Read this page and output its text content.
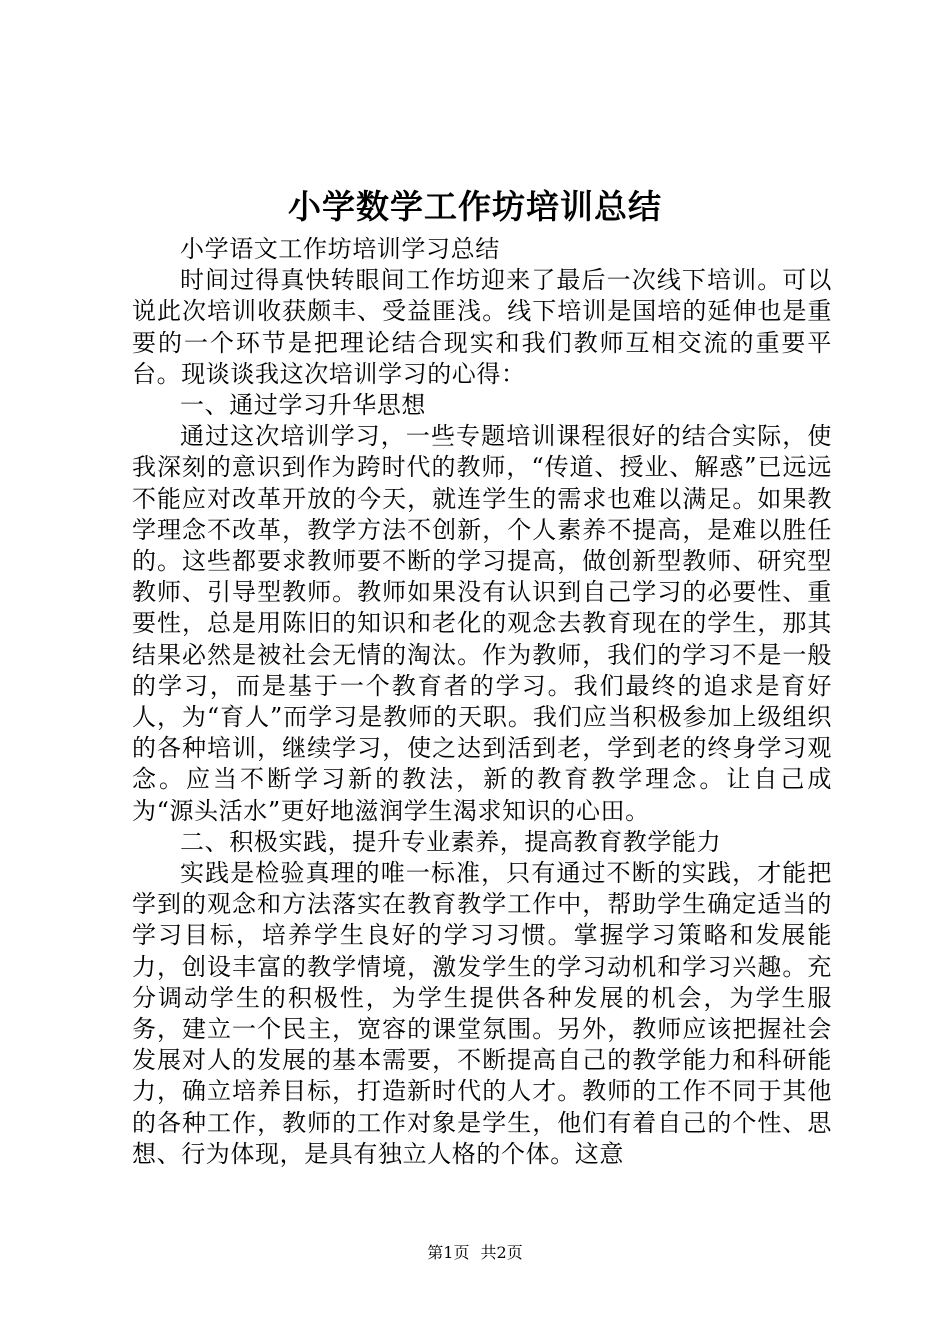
小学数学工作坊培训总结

小学语文工作坊培训学习总结

时间过得真快转眼间工作坊迎来了最后一次线下培训。可以说此次培训收获颇丰、受益匪浅。线下培训是国培的延伸也是重要的一个环节是把理论结合现实和我们教师互相交流的重要平台。现谈谈我这次培训学习的心得：

一、通过学习升华思想

通过这次培训学习，一些专题培训课程很好的结合实际，使我深刻的意识到作为跨时代的教师，“传道、授业、解惑”已远远不能应对改革开放的今天，就连学生的需求也难以满足。如果教学理念不改革，教学方法不创新，个人素养不提高，是难以胜任的。这些都要求教师要不断的学习提高，做创新型教师、研究型教师、引导型教师。教师如果没有认识到自己学习的必要性、重要性，总是用陈旧的知识和老化的观念去教育现在的学生，那其结果必然是被社会无情的淘汰。作为教师，我们的学习不是一般的学习，而是基于一个教育者的学习。我们最终的追求是育好人，为“育人”而学习是教师的天职。我们应当积极参加上级组织的各种培训，继续学习，使之达到活到老，学到老的终身学习观念。应当不断学习新的教法，新的教育教学理念。让自己成为“源头活水”更好地滋润学生渴求知识的心田。

二、积极实践，提升专业素养，提高教育教学能力

实践是检验真理的唯一标准，只有通过不断的实践，才能把学到的观念和方法落实在教育教学工作中，帮助学生确定适当的学习目标，培养学生良好的学习习惯。掌握学习策略和发展能力，创设丰富的教学情境，激发学生的学习动机和学习兴趣。充分调动学生的积极性，为学生提供各种发展的机会，为学生服务，建立一个民主，宽容的课堂氛围。另外，教师应该把握社会发展对人的发展的基本需要，不断提高自己的教学能力和科研能力，确立培养目标，打造新时代的人才。教师的工作不同于其他的各种工作，教师的工作对象是学生，他们有着自己的个性、思想、行为体现，是具有独立人格的个体。这意

第1页 共2页
